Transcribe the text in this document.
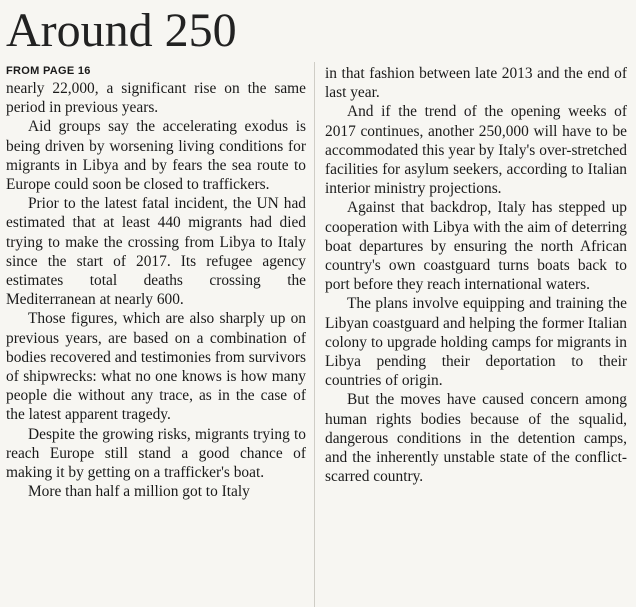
Around 250
FROM PAGE 16

nearly 22,000, a significant rise on the same period in previous years.

Aid groups say the accelerating exodus is being driven by worsening living conditions for migrants in Libya and by fears the sea route to Europe could soon be closed to traffickers.

Prior to the latest fatal incident, the UN had estimated that at least 440 migrants had died trying to make the crossing from Libya to Italy since the start of 2017. Its refugee agency estimates total deaths crossing the Mediterranean at nearly 600.

Those figures, which are also sharply up on previous years, are based on a combination of bodies recovered and testimonies from survivors of shipwrecks: what no one knows is how many people die without any trace, as in the case of the latest apparent tragedy.

Despite the growing risks, migrants trying to reach Europe still stand a good chance of making it by getting on a trafficker's boat.

More than half a million got to Italy

in that fashion between late 2013 and the end of last year.

And if the trend of the opening weeks of 2017 continues, another 250,000 will have to be accommodated this year by Italy's over-stretched facilities for asylum seekers, according to Italian interior ministry projections.

Against that backdrop, Italy has stepped up cooperation with Libya with the aim of deterring boat departures by ensuring the north African country's own coastguard turns boats back to port before they reach international waters.

The plans involve equipping and training the Libyan coastguard and helping the former Italian colony to upgrade holding camps for migrants in Libya pending their deportation to their countries of origin.

But the moves have caused concern among human rights bodies because of the squalid, dangerous conditions in the detention camps, and the inherently unstable state of the conflict-scarred country.
